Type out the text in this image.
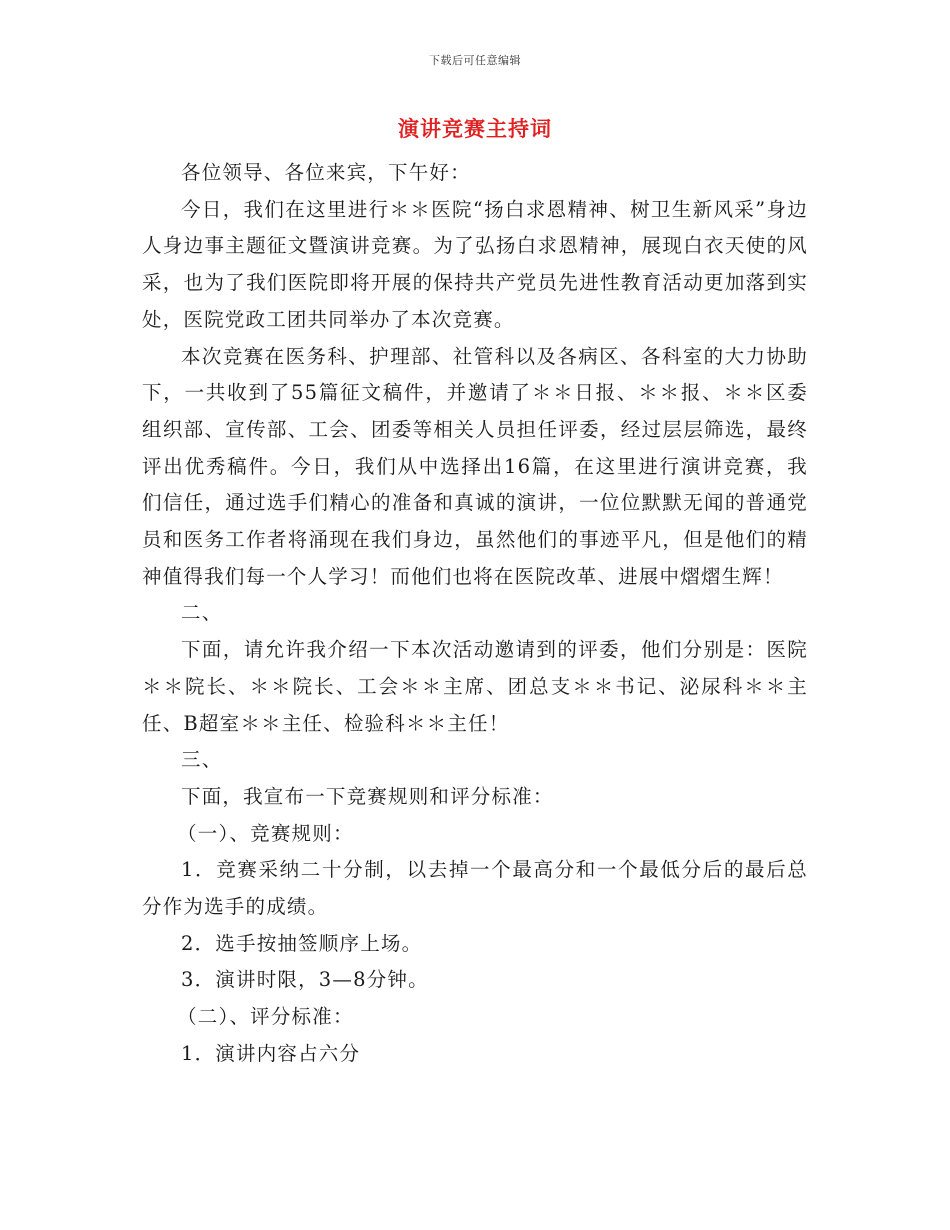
下载后可任意编辑
演讲竞赛主持词

各位领导、各位来宾，下午好：

今日，我们在这里进行＊＊医院“扬白求恩精神、树卫生新风采”身边人身边事主题征文暨演讲竞赛。为了弘扬白求恩精神，展现白衣天使的风采，也为了我们医院即将开展的保持共产党员先进性教育活动更加落到实处，医院党政工团共同举办了本次竞赛。

本次竞赛在医务科、护理部、社管科以及各病区、各科室的大力协助下，一共收到了55篇征文稿件，并邀请了＊＊日报、＊＊报、＊＊区委组织部、宣传部、工会、团委等相关人员担任评委，经过层层筛选，最终评出优秀稿件。今日，我们从中选择出16篇，在这里进行演讲竞赛，我们信任，通过选手们精心的准备和真诚的演讲，一位位默默无闻的普通党员和医务工作者将涌现在我们身边，虽然他们的事迹平凡，但是他们的精神值得我们每一个人学习！而他们也将在医院改革、进展中熠熠生辉！

二、

下面，请允许我介绍一下本次活动邀请到的评委，他们分别是：医院＊＊院长、＊＊院长、工会＊＊主席、团总支＊＊书记、泌尿科＊＊主任、B超室＊＊主任、检验科＊＊主任！

三、

下面，我宣布一下竞赛规则和评分标准：

（一）、竞赛规则：

1．竞赛采纳二十分制，以去掉一个最高分和一个最低分后的最后总分作为选手的成绩。

2．选手按抽签顺序上场。

3．演讲时限，3—8分钟。

（二）、评分标准：

1．演讲内容占六分
